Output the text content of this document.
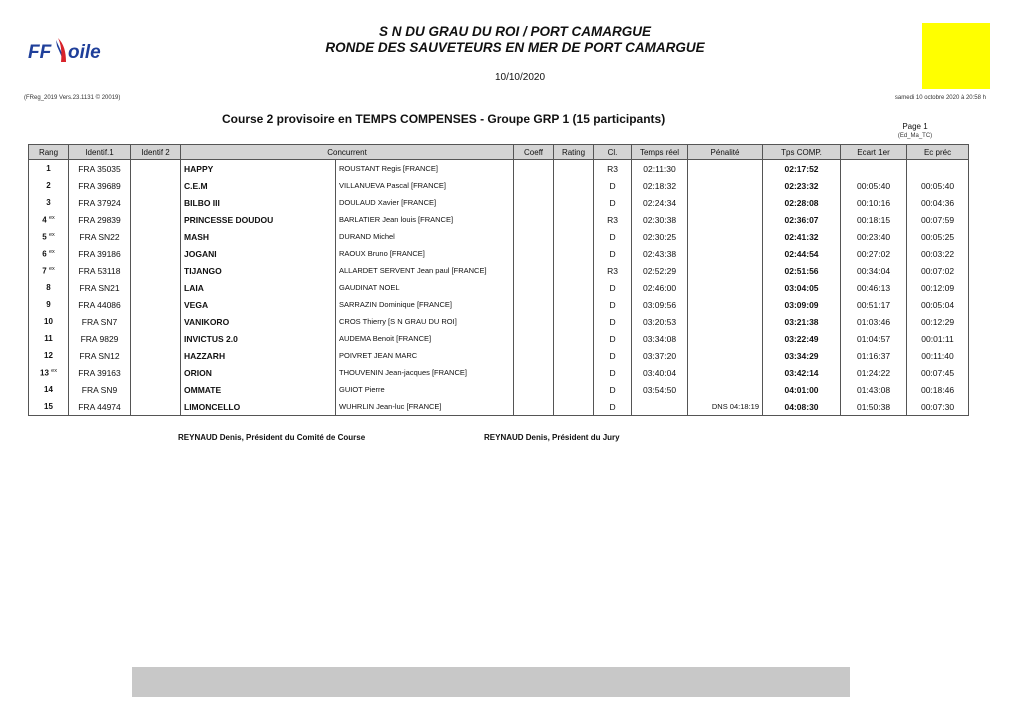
FF oile
S N DU GRAU DU ROI / PORT CAMARGUE
RONDE DES SAUVETEURS EN MER DE PORT CAMARGUE
10/10/2020
(FReg_2019 Vers.23.1131 © 20019)	samedi 10 octobre 2020 à 20:58 h
Course 2 provisoire en TEMPS COMPENSES - Groupe GRP 1 (15 participants)
Page 1
(Ed_Ma_TC)
Rang	Identif.1	Identif 2	Concurrent		Coeff	Rating	Cl.	Temps réel	Pénalité	Tps COMP.	Ecart 1er	Ec préc
1	FRA 35035		HAPPY	ROUSTANT Regis [FRANCE]			R3	02:11:30		02:17:52		
2	FRA 39689		C.E.M	VILLANUEVA Pascal [FRANCE]			D	02:18:32		02:23:32	00:05:40	00:05:40
3	FRA 37924		BILBO III	DOULAUD Xavier [FRANCE]			D	02:24:34		02:28:08	00:10:16	00:04:36
4 $^{ex}$	FRA 29839		PRINCESSE DOUDOU	BARLATIER Jean louis [FRANCE]			R3	02:30:38		02:36:07	00:18:15	00:07:59
5 $^{ex}$	FRA SN22		MASH	DURAND Michel			D	02:30:25		02:41:32	00:23:40	00:05:25
6 $^{ex}$	FRA 39186		JOGANI	RAOUX Bruno [FRANCE]			D	02:43:38		02:44:54	00:27:02	00:03:22
7 $^{ex}$	FRA 53118		TIJANGO	ALLARDET SERVENT Jean paul [FRANCE]			R3	02:52:29		02:51:56	00:34:04	00:07:02
8	FRA SN21		LAIA	GAUDINAT NOEL			D	02:46:00		03:04:05	00:46:13	00:12:09
9	FRA 44086		VEGA	SARRAZIN Dominique [FRANCE]			D	03:09:56		03:09:09	00:51:17	00:05:04
10	FRA SN7		VANIKORO	CROS Thierry [S N GRAU DU ROI]			D	03:20:53		03:21:38	01:03:46	00:12:29
11	FRA 9829		INVICTUS 2.0	AUDEMA Benoit [FRANCE]			D	03:34:08		03:22:49	01:04:57	00:01:11
12	FRA SN12		HAZZARH	POIVRET JEAN MARC			D	03:37:20		03:34:29	01:16:37	00:11:40
13 $^{ex}$	FRA 39163		ORION	THOUVENIN Jean-jacques [FRANCE]			D	03:40:04		03:42:14	01:24:22	00:07:45
14	FRA SN9		OMMATE	GUIOT Pierre			D	03:54:50		04:01:00	01:43:08	00:18:46
15	FRA 44974		LIMONCELLO	WUHRLIN Jean-luc [FRANCE]			D		DNS 04:18:19	04:08:30	01:50:38	00:07:30
REYNAUD Denis, Président du Comité de Course	REYNAUD Denis, Président du Jury
